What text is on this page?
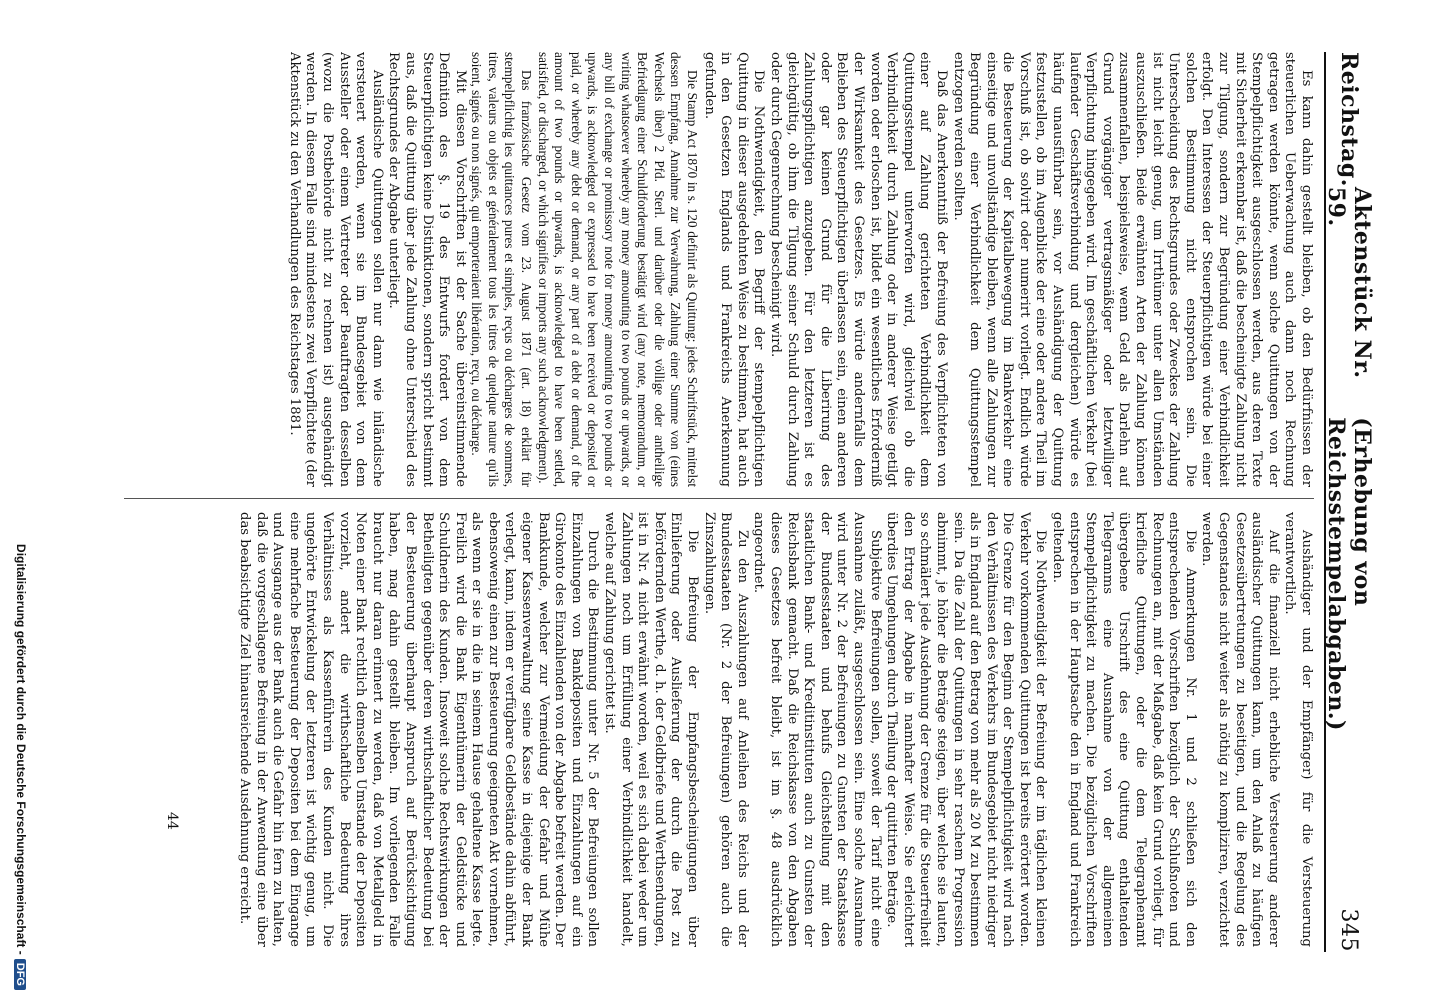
Reichstag.
Aktenstück Nr. 59.
(Erhebung von Reichsstempelabgaben.)
345

Es kann dahin gestellt bleiben, ob den Bedürfnissen der steuerlichen Ueberwachung auch dann noch Rechnung getragen werden könnte, wenn solche Quittungen von der Stempelpflichtigkeit ausgeschlossen werden, aus deren Texte mit Sicherheit erkennbar ist, daß die bescheinigte Zahlung nicht zur Tilgung, sondern zur Begründung einer Verbindlichkeit erfolgt. Den Interessen der Steuerpflichtigen würde bei einer solchen Bestimmung nicht entsprochen sein. Die Unterscheidung des Rechtsgrundes oder Zweckes der Zahlung ist nicht leicht genug, um Irrthümer unter allen Umständen auszuschließen. Beide erwähnten Arten der Zahlung können zusammenfallen, beispielsweise, wenn Geld als Darlehn auf Grund vorgängiger vertragsmäßiger oder letztwilliger Verpflichtung hingegeben wird. Im geschäftlichen Verkehr (bei laufender Geschäftsverbindung und dergleichen) würde es häufig unausführbar sein, vor Aushändigung der Quittung festzustellen, ob im Augenblicke der eine oder andere Theil im Vorschuß ist, ob solvirt oder numerirt vorliegt. Endlich würde die Besteuerung der Kapitalbewegung im Bankverkehr eine einseitige und unvollständige bleiben, wenn alle Zahlungen zur Begründung einer Verbindlichkeit dem Quittungsstempel entzogen werden sollten.

Daß das Anerkenntniß der Befreiung des Verpflichteten von einer auf Zahlung gerichteten Verbindlichkeit dem Quittungsstempel unterworfen wird, gleichviel ob die Verbindlichkeit durch Zahlung oder in anderer Weise getilgt worden oder erloschen ist, bildet ein wesentliches Erforderniß der Wirksamkeit des Gesetzes. Es würde andernfalls dem Belieben des Steuerpflichtigen überlassen sein, einen anderen oder gar keinen Grund für die Liberirung des Zahlungspflichtigen anzugeben. Für den letzteren ist es gleichgültig, ob ihm die Tilgung seiner Schuld durch Zahlung oder durch Gegenrechnung bescheinigt wird.

Die Nothwendigkeit, den Begriff der stempelpflichtigen Quittung in dieser ausgedehnten Weise zu bestimmen, hat auch in den Gesetzen Englands und Frankreichs Anerkennung gefunden.

Die Stamp Act 1870 in s. 120 definirt als Quittung: jedes Schriftstück, mittelst dessen Empfang, Annahme zur Verwahrung, Zahlung einer Summe von (eines Wechsels über) 2 Pfd. Sterl. und darüber oder die völlige oder antheilige Befriedigung einer Schuldforderung bestätigt wird (any note, memorandum, or writing whatsoever whereby any money amounting to two pounds or upwards, or any bill of exchange or promissory note for money amounting to two pounds or upwards, is acknowledged or expressed to have been received or deposited or paid, or whereby any debt or demand, or any part of a debt or demand, of the amount of two pounds or upwards, is acknowledged to have been settled, satisfied, or discharged, or which signifies or imports any such acknowledgment).

Das französische Gesetz vom 23. August 1871 (art. 18) erklärt für stempelpflichtig les quittances pures et simples, reçus ou décharges de sommes, titres, valeurs ou objets et généralement tous les titres de quelque nature qu'ils soient, signés ou non signés, qui emporteraient libération, reçu, ou décharge.

Mit diesen Vorschriften ist der Sache übereinstimmende Definition des §. 19 des Entwurfs fordert von dem Steuerpflichtigen keine Distinktionen, sondern spricht bestimmt aus, daß die Quittung über jede Zahlung ohne Unterschied des Rechtsgrundes der Abgabe unterliegt.

Ausländische Quittungen sollen nur dann wie inländische versteuert werden, wenn sie im Bundesgebiet von dem Aussteller oder einem Vertreter oder Beauftragten desselben (wozu die Postbehörde nicht zu rechnen ist) ausgehändigt werden. In diesem Falle sind mindestens zwei Verpflichtete (der Aktenstück zu den Verhandlungen des Reichstages 1881.

Aushändiger und der Empfänger) für die Versteuerung verantwortlich.

Auf die finanziell nicht erhebliche Versteuerung anderer ausländischer Quittungen kann, um den Anlaß zu häufigen Gesetzesübertretungen zu beseitigen, und die Regelung des Gegenstandes nicht weiter als nöthig zu kompliziren, verzichtet werden.

Die Anmerkungen Nr. 1 und 2 schließen sich den entsprechenden Vorschriften bezüglich der Schlußnoten und Rechnungen an, mit der Maßgabe, daß kein Grund vorliegt, für kriefliche Quittungen, oder die dem Telegraphenamt übergebene Urschrift des eine Quittung enthaltenden Telegramms eine Ausnahme von der allgemeinen Stempelpflichtigkeit zu machen. Die bezüglichen Vorschriften entsprechen in der Hauptsache den in England und Frankreich geltenden.

Die Nothwendigkeit der Befreiung der im täglichen kleinen Verkehr vorkommenden Quittungen ist bereits erörtert worden. Die Grenze für den Beginn der Stempelpflichtigkeit wird nach den Verhältnissen des Verkehrs im Bundesgebiet nicht niedriger als in England auf den Betrag von mehr als 20 M zu bestimmen sein. Da die Zahl der Quittungen in sehr raschem Progression abnimmt, je höher die Beträge steigen, über welche sie lauten, so schmälert jede Ausdehnung der Grenze für die Steuerfreiheit den Ertrag der Abgabe in namhafter Weise. Sie erleichtert überdies Umgehungen durch Theilung der quittirten Beträge.

Subjektive Befreiungen sollen, soweit der Tarif nicht eine Ausnahme zuläßt, ausgeschlossen sein. Eine solche Ausnahme wird unter Nr. 2 der Befreiungen zu Gunsten der Staatskasse der Bundesstaaten und behufs Gleichstellung mit den staatlichen Bank- und Kreditinstituten auch zu Gunsten der Reichsbank gemacht. Daß die Reichskasse von den Abgaben dieses Gesetzes befreit bleibt, ist im §. 48 ausdrücklich angeordnet.

Zu den Auszahlungen auf Anleihen des Reichs und der Bundesstaaten (Nr. 2 der Befreiungen) gehören auch die Zinszahlungen.

Die Befreiung der Empfangsbescheinigungen über Einlieferung oder Auslieferung der durch die Post zu befördernden Werthe, d. h. der Geldbriefe und Werthsendungen, ist in Nr. 4 nicht erwähnt worden, weil es sich dabei weder um Zahlungen noch um Erfüllung einer Verbindlichkeit handelt, welche auf Zahlung gerichtet ist.

Durch die Bestimmung unter Nr. 5 der Befreiungen sollen Einzahlungen von Bankdepositen und Einzahlungen auf ein Girokonto des Einzahlenden von der Abgabe befreit werden. Der Bankkunde, welcher zur Vermeidung der Gefahr und Mühe eigener Kassenverwaltung seine Kasse in diejenige der Bank verlegt, kann, indem er verfügbare Geldbestände dahin abführt, ebensowenig einen zur Besteuerung geeigneten Akt vornehmen, als wenn er sie in die in seinem Hause gehaltene Kasse legte. Freilich wird die Bank Eigenthümerin der Geldstücke und Schuldnerin des Kunden. Insoweit solche Rechtswirkungen der Betheiligten gegenüber deren wirthschaftlicher Bedeutung bei der Besteuerung überhaupt Anspruch auf Berücksichtigung haben, mag dahin gestellt bleiben. Im vorliegenden Falle braucht nur daran erinnert zu werden, daß von Metallgeld in Noten einer Bank rechtlich demselben Umstande der Depositen vorzieht, andert die wirthschaftliche Bedeutung ihres Verhältnisses als Kassenführerin des Kunden nicht. Die ungehörte Entwickelung der letzteren ist wichtig genug, um eine mehrfache Besteuerung der Depositen bei dem Eingange und Ausgange aus der Bank auch die Gefahr hin fern zu halten, daß die vorgeschlagene Befreiung in der Anwendung eine über das beabsichtigte Ziel hinausreichende Ausdehnung erreicht.

44
Digitalisierung gefördert durch die Deutsche Forschungsgemeinschaft -DFG
